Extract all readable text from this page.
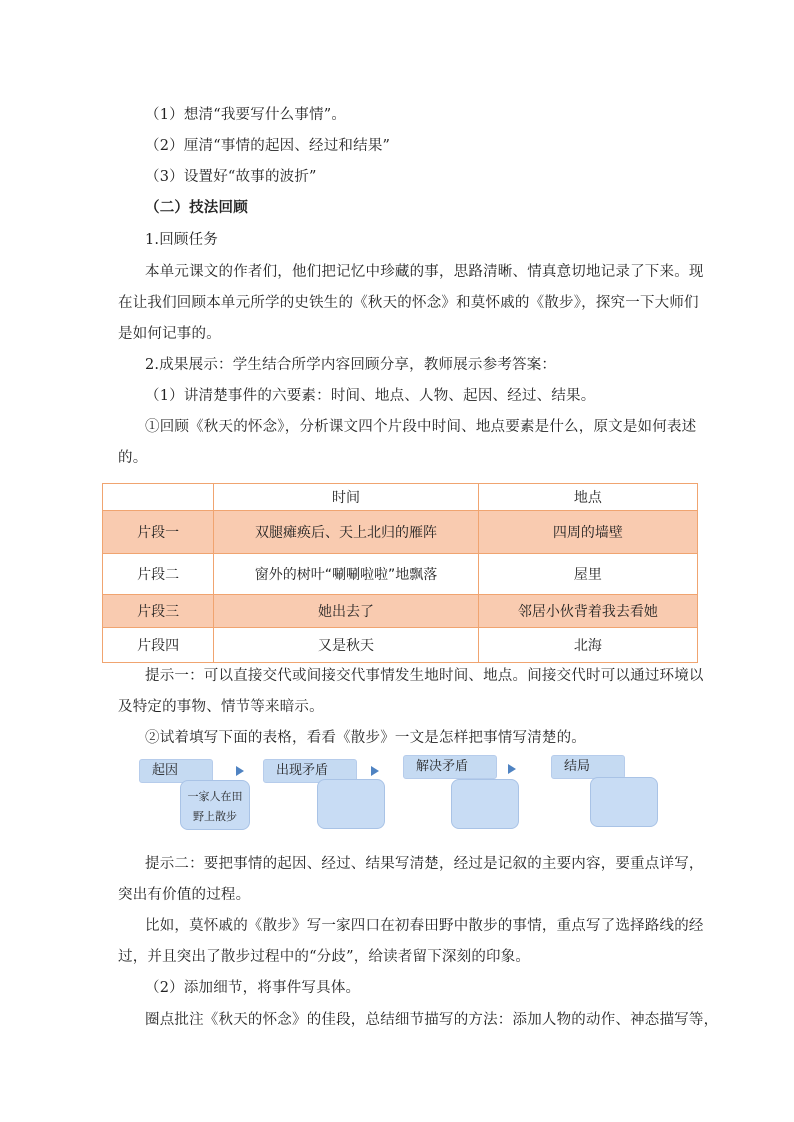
（1）想清“我要写什么事情”。
（2）厘清“事情的起因、经过和结果”
（3）设置好“故事的波折”
（二）技法回顾
1.回顾任务
本单元课文的作者们，他们把记忆中珍藏的事，思路清晰、情真意切地记录了下来。现
在让我们回顾本单元所学的史铁生的《秋天的怀念》和莫怀戚的《散步》，探究一下大师们
是如何记事的。
2.成果展示：学生结合所学内容回顾分享，教师展示参考答案：
（1）讲清楚事件的六要素：时间、地点、人物、起因、经过、结果。
①回顾《秋天的怀念》，分析课文四个片段中时间、地点要素是什么，原文是如何表述
的。
	时间	地点
片段一	双腿瘫痪后、天上北归的雁阵	四周的墙壁
片段二	窗外的树叶“唰唰啦啦”地飘落	屋里
片段三	她出去了	邻居小伙背着我去看她
片段四	又是秋天	北海
提示一：可以直接交代或间接交代事情发生地时间、地点。间接交代时可以通过环境以
及特定的事物、情节等来暗示。
②试着填写下面的表格，看看《散步》一文是怎样把事情写清楚的。
起因
一家人在田
野上散步
出现矛盾	解决矛盾	结局
提示二：要把事情的起因、经过、结果写清楚，经过是记叙的主要内容，要重点详写，
突出有价值的过程。
比如，莫怀戚的《散步》写一家四口在初春田野中散步的事情，重点写了选择路线的经
过，并且突出了散步过程中的“分歧”，给读者留下深刻的印象。
（2）添加细节，将事件写具体。
圈点批注《秋天的怀念》的佳段，总结细节描写的方法：添加人物的动作、神态描写等，
